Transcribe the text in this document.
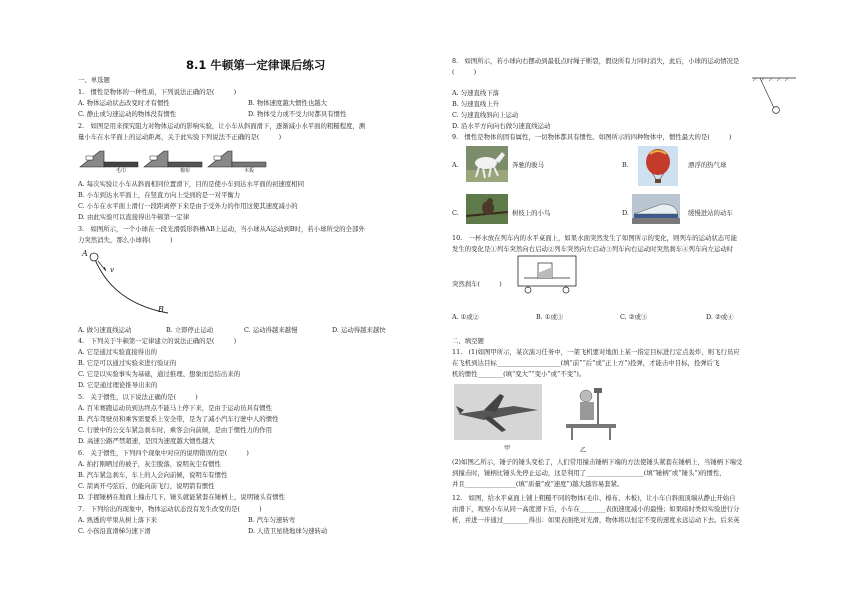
8.1 牛顿第一定律课后练习
一、单选题
1.　惯性是物体的一种性质，下列说法正确的是(　　　)
A. 物体运动状态改变时才有惯性	B. 物体速度越大惯性也越大
C. 静止或匀速运动的物体没有惯性	D. 物体受力或不受力时都具有惯性
2.　如图是用来探究阻力对物体运动的影响实验，让小车从斜面滑下，逐渐减小水平面的粗糙程度，测
量小车在水平面上的运动距离，关于此实验下列说法不正确的是(　　　)
毛巾	棉布	木板
A. 每次实验让小车从斜面相同位置滑下，目的是使小车到达水平面的初速度相同
B. 小车到达水平面上，在竖直方向上受到的是一对平衡力
C. 小车在水平面上滑行一段距离停下来是由于受外力的作用这使其速度减小的
D. 由此实验可以直接得出牛顿第一定律
3.　如图所示，一个小球在一段光滑弧形斜槽AB上运动，当小球从A运动到B时，若小球所受的全部外
力突然消失，那么小球将(　　　)
A
v
B
A. 做匀速直线运动	B. 立即停止运动	C. 运动得越来越慢	D. 运动得越来越快
4.　下列关于牛顿第一定律建立的说法正确的是(　　　)
A. 它是通过实验直接得出的
B. 它是可以通过实验来进行验证的
C. 它是以实验事实为基础，通过推理、想象而总结出来的
D. 它是通过理论推导出来的
5.　关于惯性，以下说法正确的是(　　　)
A. 百米赛跑运动员到达终点不能马上停下来，是由于运动员具有惯性
B. 汽车驾驶员和乘客需要系上安全带，是为了减小汽车行驶中人的惯性
C. 行驶中的公交车紧急刹车时，乘客会向前倾，是由于惯性力的作用
D. 高速公路严禁超速，是因为速度越大惯性越大
6.　关于惯性，下列四个现象中对应的说明错误的是(　　　)
A. 拍打刚晒过的被子，灰尘脱落，说明灰尘有惯性
B. 汽车紧急刹车，车上的人会向前倾，说明车有惯性
C. 箭离开弓弦后，仍能向前飞行，说明箭有惯性
D. 手握锤柄在地面上撞击几下，锤头就能紧套在锤柄上，说明锤头有惯性
7.　下列给出的现象中，物体运动状态没有发生改变的是(　　　)
A. 熟透的苹果从树上落下来	B. 汽车匀速转弯
C. 小孩沿直滑梯匀速下滑	D. 人造卫星绕地球匀速转动
8.　如图所示，若小球向右摆动到最低点时绳子断裂，假设所有力同时消失，此后，小球的运动情况是
(　　　)
A. 匀速直线下落
B. 匀速直线上升
C. 匀速直线斜向上运动
D. 沿水平方向向右做匀速直线运动
9.　惯性是物体的固有属性，一切物体都具有惯性。如图所示的四种物体中，惯性最大的是(　　　)
A.	奔驰的骏马	B.	漂浮的热气球
C.	树枝上的小鸟	D.	缓慢进站的动车
10.　一杯水放在列车内的水平桌面上，如果水面突然发生了如图所示的变化，则列车的运动状态可能
发生的变化是①列车突然向右启动②列车突然向左启动③列车向右运动时突然刹车④列车向左运动时
突然刹车(　　　)
A. ①或②	B. ①或③	C. ②或③	D. ②或④
二、填空题
11.　(1)如图甲所示，某次演习任务中，一架飞机要对地面上某一指定目标进行定点轰炸，则飞行员应
在飞机到达目标____________________(填“前”“后”或“正上方”)投弹，才能击中目标，投弹后飞
机的惯性________(填“变大”“变小”或“不变”)。
甲	乙
(2)如图乙所示，锤子的锤头变松了，人们常用撞击锤柄下端的方法使锤头紧套在锤柄上，当锤柄下端受
到撞击时，锤柄比锤头先停止运动，这是利用了__________________(填“锤柄”或“锤头”)的惯性，
并且________________(填“质量”或“速度”)越大越容易套紧。
12.　如图，给水平桌面上铺上粗糙不同的物体(毛巾、棉布、木板)，让小车自斜面顶端从静止开始自
由滑下，观察小车从同一高度滑下后，小车在________表面速度减小的最慢；如果暗时类似实验进行分
析，并进一步通过________得出：如果表面绝对光滑，物体将以恒定不变的速度永远运动下去。后来英
